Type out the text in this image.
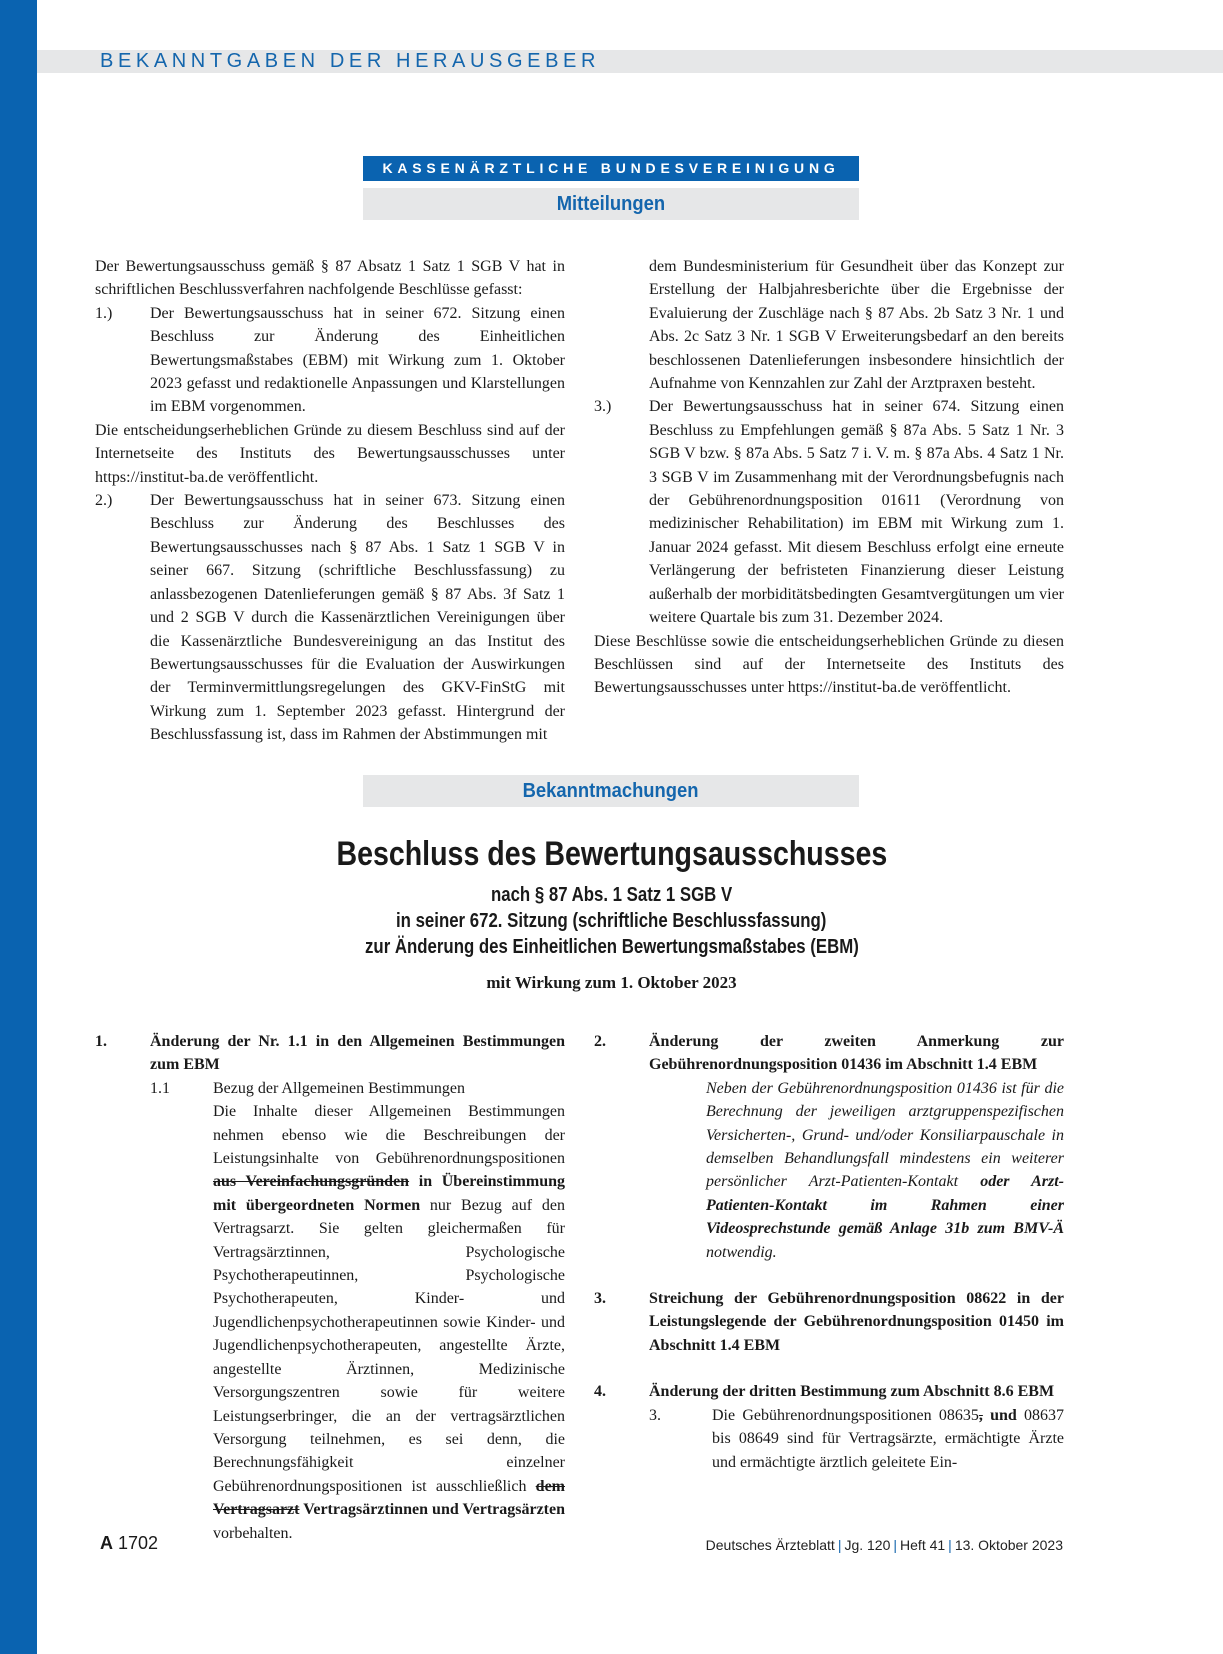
BEKANNTGABEN DER HERAUSGEBER
KASSENÄRZTLICHE BUNDESVEREINIGUNG
Mitteilungen

Der Bewertungsausschuss gemäß § 87 Absatz 1 Satz 1 SGB V hat in schriftlichen Beschlussverfahren nachfolgende Beschlüsse gefasst:

1.) Der Bewertungsausschuss hat in seiner 672. Sitzung einen Beschluss zur Änderung des Einheitlichen Bewertungsmaßstabes (EBM) mit Wirkung zum 1. Oktober 2023 gefasst und redaktionelle Anpassungen und Klarstellungen im EBM vorgenommen.

Die entscheidungserheblichen Gründe zu diesem Beschluss sind auf der Internetseite des Instituts des Bewertungsausschusses unter https://institut-ba.de veröffentlicht.

2.) Der Bewertungsausschuss hat in seiner 673. Sitzung einen Beschluss zur Änderung des Beschlusses des Bewertungsausschusses nach § 87 Abs. 1 Satz 1 SGB V in seiner 667. Sitzung (schriftliche Beschlussfassung) zu anlassbezogenen Datenlieferungen gemäß § 87 Abs. 3f Satz 1 und 2 SGB V durch die Kassenärztlichen Vereinigungen über die Kassenärztliche Bundesvereinigung an das Institut des Bewertungsausschusses für die Evaluation der Auswirkungen der Terminvermittlungsregelungen des GKV-FinStG mit Wirkung zum 1. September 2023 gefasst. Hintergrund der Beschlussfassung ist, dass im Rahmen der Abstimmungen mit

dem Bundesministerium für Gesundheit über das Konzept zur Erstellung der Halbjahresberichte über die Ergebnisse der Evaluierung der Zuschläge nach § 87 Abs. 2b Satz 3 Nr. 1 und Abs. 2c Satz 3 Nr. 1 SGB V Erweiterungsbedarf an den bereits beschlossenen Datenlieferungen insbesondere hinsichtlich der Aufnahme von Kennzahlen zur Zahl der Arztpraxen besteht.

3.) Der Bewertungsausschuss hat in seiner 674. Sitzung einen Beschluss zu Empfehlungen gemäß § 87a Abs. 5 Satz 1 Nr. 3 SGB V bzw. § 87a Abs. 5 Satz 7 i. V. m. § 87a Abs. 4 Satz 1 Nr. 3 SGB V im Zusammenhang mit der Verordnungsbefugnis nach der Gebührenordnungsposition 01611 (Verordnung von medizinischer Rehabilitation) im EBM mit Wirkung zum 1. Januar 2024 gefasst. Mit diesem Beschluss erfolgt eine erneute Verlängerung der befristeten Finanzierung dieser Leistung außerhalb der morbiditätsbedingten Gesamtvergütungen um vier weitere Quartale bis zum 31. Dezember 2024.

Diese Beschlüsse sowie die entscheidungserheblichen Gründe zu diesen Beschlüssen sind auf der Internetseite des Instituts des Bewertungsausschusses unter https://institut-ba.de veröffentlicht.

Bekanntmachungen
Beschluss des Bewertungsausschusses
nach § 87 Abs. 1 Satz 1 SGB V
in seiner 672. Sitzung (schriftliche Beschlussfassung)
zur Änderung des Einheitlichen Bewertungsmaßstabes (EBM)
mit Wirkung zum 1. Oktober 2023
1.	Änderung der Nr. 1.1 in den Allgemeinen Bestimmungen zum EBM

1.1	Bezug der Allgemeinen Bestimmungen

Die Inhalte dieser Allgemeinen Bestimmungen nehmen ebenso wie die Beschreibungen der Leistungsinhalte von Gebührenordnungspositionen aus Vereinfachungsgründen in Übereinstimmung mit übergeordneten Normen nur Bezug auf den Vertragsarzt. Sie gelten gleichermaßen für Vertragsärztinnen, Psychologische Psychotherapeutinnen, Psychologische Psychotherapeuten, Kinder- und Jugendlichenpsychotherapeutinnen sowie Kinder- und Jugendlichenpsychotherapeuten, angestellte Ärzte, angestellte Ärztinnen, Medizinische Versorgungszentren sowie für weitere Leistungserbringer, die an der vertragsärztlichen Versorgung teilnehmen, es sei denn, die Berechnungsfähigkeit einzelner Gebührenordnungspositionen ist ausschließlich dem Vertragsarzt Vertragsärztinnen und Vertragsärzten vorbehalten.

2.	Änderung der zweiten Anmerkung zur Gebührenordnungsposition 01436 im Abschnitt 1.4 EBM

Neben der Gebührenordnungsposition 01436 ist für die Berechnung der jeweiligen arztgruppenspezifischen Versicherten-, Grund- und/oder Konsiliarpauschale in demselben Behandlungsfall mindestens ein weiterer persönlicher Arzt-Patienten-Kontakt oder Arzt-Patienten-Kontakt im Rahmen einer Videosprechstunde gemäß Anlage 31b zum BMV-Ä notwendig.

3.	Streichung der Gebührenordnungsposition 08622 in der Leistungslegende der Gebührenordnungsposition 01450 im Abschnitt 1.4 EBM

4.	Änderung der dritten Bestimmung zum Abschnitt 8.6 EBM

3.	Die Gebührenordnungspositionen 08635, und 08637 bis 08649 sind für Vertragsärzte, ermächtigte Ärzte und ermächtigte ärztlich geleitete Ein-

A 1702	Deutsches Ärzteblatt | Jg. 120 | Heft 41 | 13. Oktober 2023
